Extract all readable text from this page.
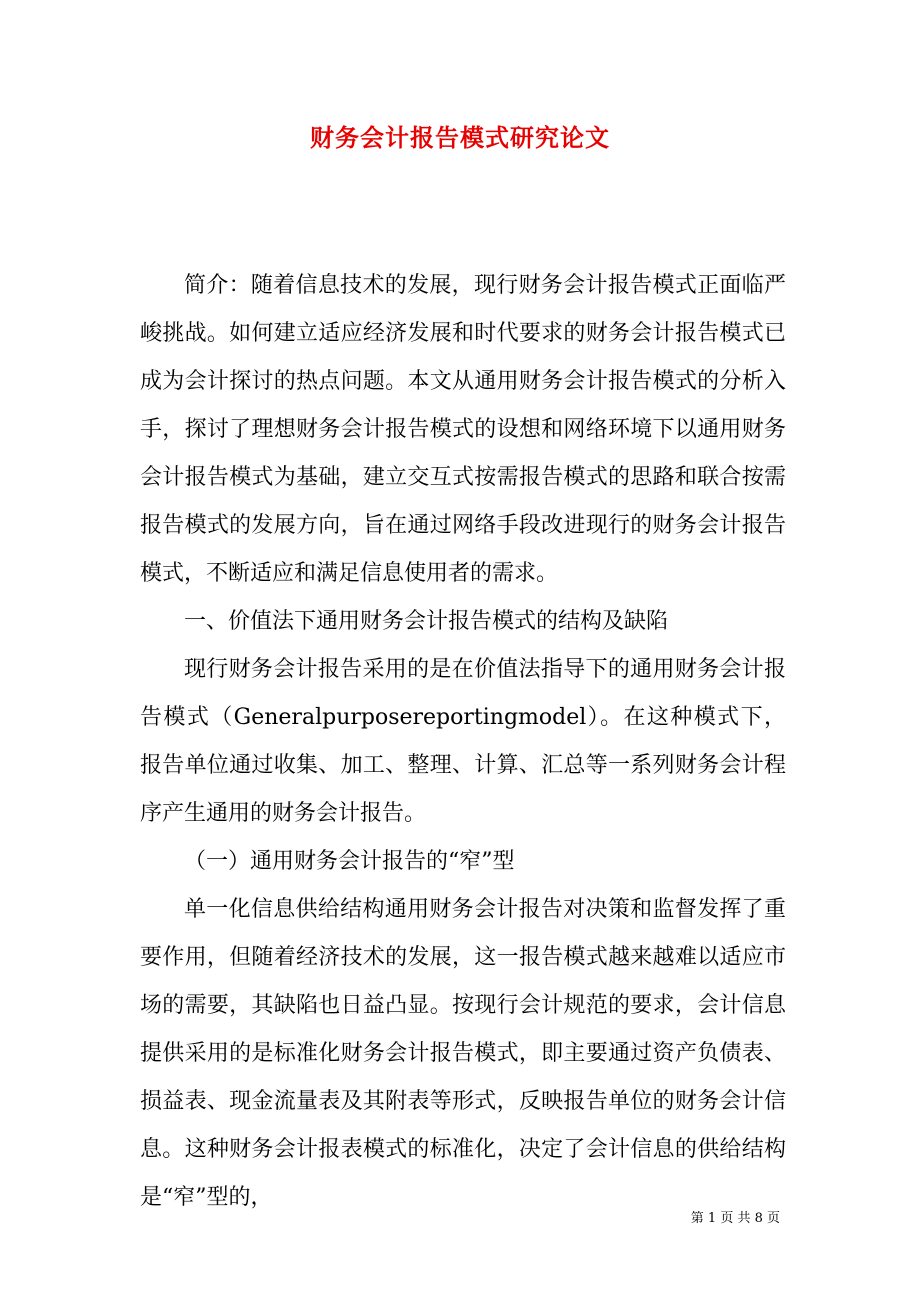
财务会计报告模式研究论文

简介：随着信息技术的发展，现行财务会计报告模式正面临严峻挑战。如何建立适应经济发展和时代要求的财务会计报告模式已成为会计探讨的热点问题。本文从通用财务会计报告模式的分析入手，探讨了理想财务会计报告模式的设想和网络环境下以通用财务会计报告模式为基础，建立交互式按需报告模式的思路和联合按需报告模式的发展方向，旨在通过网络手段改进现行的财务会计报告模式，不断适应和满足信息使用者的需求。

一、价值法下通用财务会计报告模式的结构及缺陷

现行财务会计报告采用的是在价值法指导下的通用财务会计报告模式（Generalpurposereportingmodel）。在这种模式下，报告单位通过收集、加工、整理、计算、汇总等一系列财务会计程序产生通用的财务会计报告。

（一）通用财务会计报告的“窄”型

单一化信息供给结构通用财务会计报告对决策和监督发挥了重要作用，但随着经济技术的发展，这一报告模式越来越难以适应市场的需要，其缺陷也日益凸显。按现行会计规范的要求，会计信息提供采用的是标准化财务会计报告模式，即主要通过资产负债表、损益表、现金流量表及其附表等形式，反映报告单位的财务会计信息。这种财务会计报表模式的标准化，决定了会计信息的供给结构是“窄”型的，

第 1 页 共 8 页
